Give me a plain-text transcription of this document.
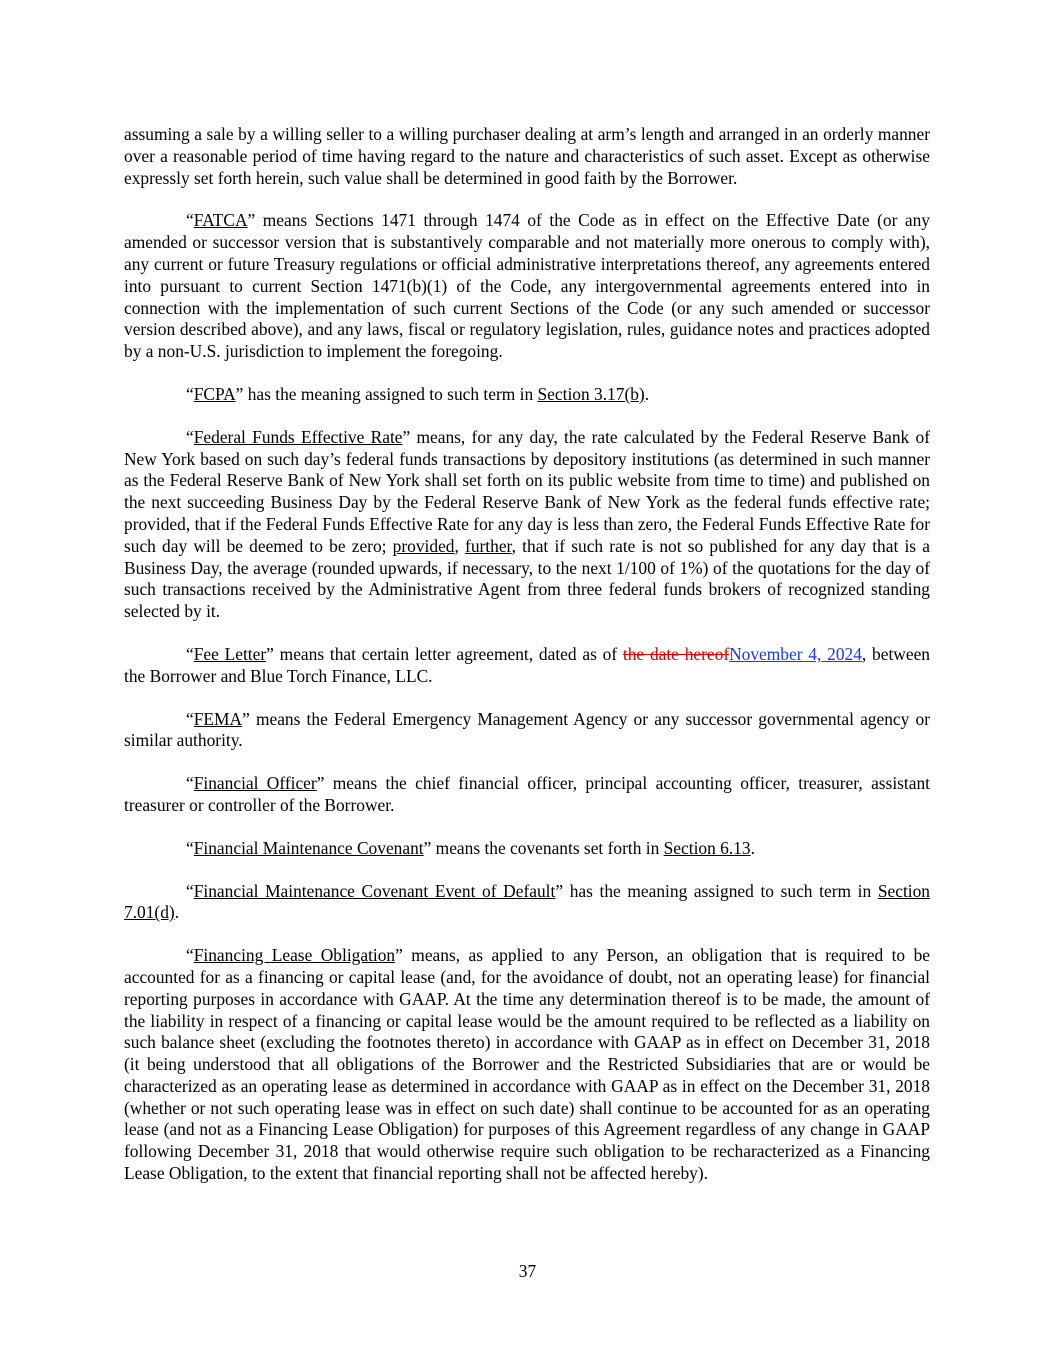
assuming a sale by a willing seller to a willing purchaser dealing at arm’s length and arranged in an orderly manner over a reasonable period of time having regard to the nature and characteristics of such asset. Except as otherwise expressly set forth herein, such value shall be determined in good faith by the Borrower.

“FATCA” means Sections 1471 through 1474 of the Code as in effect on the Effective Date (or any amended or successor version that is substantively comparable and not materially more onerous to comply with), any current or future Treasury regulations or official administrative interpretations thereof, any agreements entered into pursuant to current Section 1471(b)(1) of the Code, any intergovernmental agreements entered into in connection with the implementation of such current Sections of the Code (or any such amended or successor version described above), and any laws, fiscal or regulatory legislation, rules, guidance notes and practices adopted by a non-U.S. jurisdiction to implement the foregoing.

“FCPA” has the meaning assigned to such term in Section 3.17(b).

“Federal Funds Effective Rate” means, for any day, the rate calculated by the Federal Reserve Bank of New York based on such day’s federal funds transactions by depository institutions (as determined in such manner as the Federal Reserve Bank of New York shall set forth on its public website from time to time) and published on the next succeeding Business Day by the Federal Reserve Bank of New York as the federal funds effective rate; provided, that if the Federal Funds Effective Rate for any day is less than zero, the Federal Funds Effective Rate for such day will be deemed to be zero; provided, further, that if such rate is not so published for any day that is a Business Day, the average (rounded upwards, if necessary, to the next 1/100 of 1%) of the quotations for the day of such transactions received by the Administrative Agent from three federal funds brokers of recognized standing selected by it.

“Fee Letter” means that certain letter agreement, dated as of the date hereofNovember 4, 2024, between the Borrower and Blue Torch Finance, LLC.

“FEMA” means the Federal Emergency Management Agency or any successor governmental agency or similar authority.

“Financial Officer” means the chief financial officer, principal accounting officer, treasurer, assistant treasurer or controller of the Borrower.

“Financial Maintenance Covenant” means the covenants set forth in Section 6.13.

“Financial Maintenance Covenant Event of Default” has the meaning assigned to such term in Section 7.01(d).

“Financing Lease Obligation” means, as applied to any Person, an obligation that is required to be accounted for as a financing or capital lease (and, for the avoidance of doubt, not an operating lease) for financial reporting purposes in accordance with GAAP. At the time any determination thereof is to be made, the amount of the liability in respect of a financing or capital lease would be the amount required to be reflected as a liability on such balance sheet (excluding the footnotes thereto) in accordance with GAAP as in effect on December 31, 2018 (it being understood that all obligations of the Borrower and the Restricted Subsidiaries that are or would be characterized as an operating lease as determined in accordance with GAAP as in effect on the December 31, 2018 (whether or not such operating lease was in effect on such date) shall continue to be accounted for as an operating lease (and not as a Financing Lease Obligation) for purposes of this Agreement regardless of any change in GAAP following December 31, 2018 that would otherwise require such obligation to be recharacterized as a Financing Lease Obligation, to the extent that financial reporting shall not be affected hereby).

37
